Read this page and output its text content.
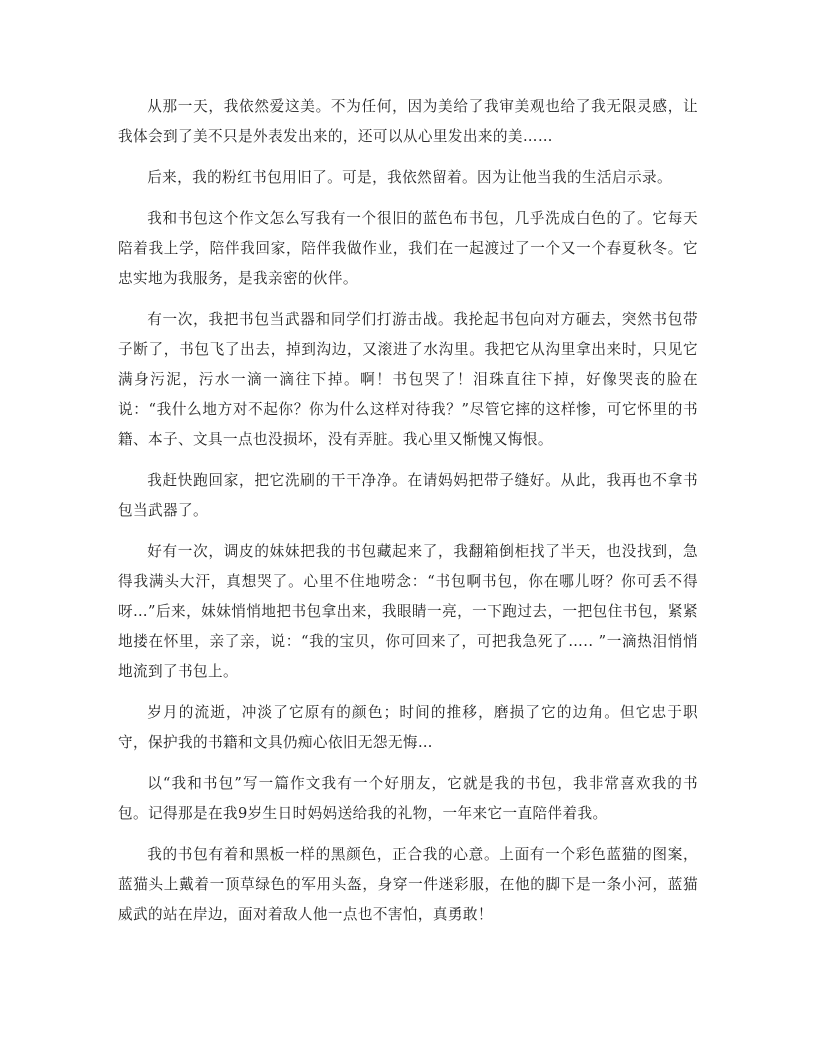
从那一天，我依然爱这美。不为任何，因为美给了我审美观也给了我无限灵感，让我体会到了美不只是外表发出来的，还可以从心里发出来的美……

后来，我的粉红书包用旧了。可是，我依然留着。因为让他当我的生活启示录。

我和书包这个作文怎么写我有一个很旧的蓝色布书包，几乎洗成白色的了。它每天陪着我上学，陪伴我回家，陪伴我做作业，我们在一起渡过了一个又一个春夏秋冬。它忠实地为我服务，是我亲密的伙伴。

有一次，我把书包当武器和同学们打游击战。我抡起书包向对方砸去，突然书包带子断了，书包飞了出去，掉到沟边，又滚进了水沟里。我把它从沟里拿出来时，只见它满身污泥，污水一滴一滴往下掉。啊！书包哭了！泪珠直往下掉，好像哭丧的脸在说：“我什么地方对不起你？你为什么这样对待我？”尽管它摔的这样惨，可它怀里的书籍、本子、文具一点也没损坏，没有弄脏。我心里又惭愧又悔恨。

我赶快跑回家，把它洗刷的干干净净。在请妈妈把带子缝好。从此，我再也不拿书包当武器了。

好有一次，调皮的妹妹把我的书包藏起来了，我翻箱倒柜找了半天，也没找到，急得我满头大汗，真想哭了。心里不住地唠念：“书包啊书包，你在哪儿呀？你可丢不得呀…”后来，妹妹悄悄地把书包拿出来，我眼睛一亮，一下跑过去，一把包住书包，紧紧地搂在怀里，亲了亲，说：“我的宝贝，你可回来了，可把我急死了….. ”一滴热泪悄悄地流到了书包上。

岁月的流逝，冲淡了它原有的颜色；时间的推移，磨损了它的边角。但它忠于职守，保护我的书籍和文具仍痴心依旧无怨无悔…

以“我和书包”写一篇作文我有一个好朋友，它就是我的书包，我非常喜欢我的书包。记得那是在我9岁生日时妈妈送给我的礼物，一年来它一直陪伴着我。

我的书包有着和黑板一样的黑颜色，正合我的心意。上面有一个彩色蓝猫的图案，蓝猫头上戴着一顶草绿色的军用头盔，身穿一件迷彩服，在他的脚下是一条小河，蓝猫威武的站在岸边，面对着敌人他一点也不害怕，真勇敢！
